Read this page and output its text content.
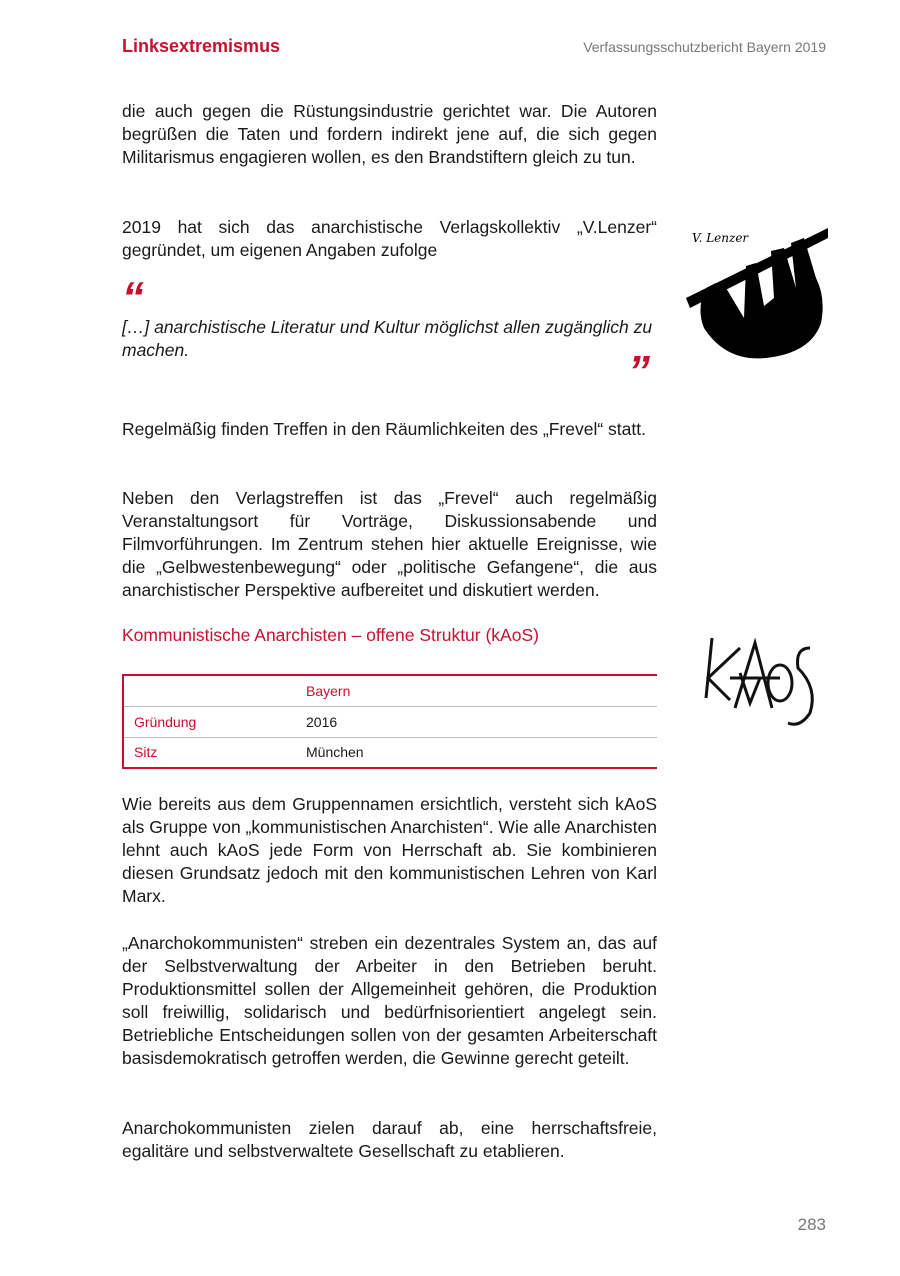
Linksextremismus	Verfassungsschutzbericht Bayern 2019

die auch gegen die Rüstungsindustrie gerichtet war. Die Autoren begrüßen die Taten und fordern indirekt jene auf, die sich gegen Militarismus engagieren wollen, es den Brandstiftern gleich zu tun.

2019 hat sich das anarchistische Verlagskollektiv „V.Lenzer“ gegründet, um eigenen Angaben zufolge

“

[…] anarchistische Literatur und Kultur möglichst allen zugänglich zu machen.	”

Regelmäßig finden Treffen in den Räumlichkeiten des „Frevel“ statt.

Neben den Verlagstreffen ist das „Frevel“ auch regelmäßig Veranstaltungsort für Vorträge, Diskussionsabende und Filmvorführungen. Im Zentrum stehen hier aktuelle Ereignisse, wie die „Gelbwestenbewegung“ oder „politische Gefangene“, die aus anarchistischer Perspektive aufbereitet und diskutiert werden.

Kommunistische Anarchisten – offene Struktur (kAoS)
	Bayern
Gründung	2016
Sitz	München

Wie bereits aus dem Gruppennamen ersichtlich, versteht sich kAoS als Gruppe von „kommunistischen Anarchisten“. Wie alle Anarchisten lehnt auch kAoS jede Form von Herrschaft ab. Sie kombinieren diesen Grundsatz jedoch mit den kommunistischen Lehren von Karl Marx.

„Anarchokommunisten“ streben ein dezentrales System an, das auf der Selbstverwaltung der Arbeiter in den Betrieben beruht. Produktionsmittel sollen der Allgemeinheit gehören, die Produktion soll freiwillig, solidarisch und bedürfnisorientiert angelegt sein. Betriebliche Entscheidungen sollen von der gesamten Arbeiterschaft basisdemokratisch getroffen werden, die Gewinne gerecht geteilt.

Anarchokommunisten zielen darauf ab, eine herrschaftsfreie, egalitäre und selbstverwaltete Gesellschaft zu etablieren.

V. Lenzer
283
